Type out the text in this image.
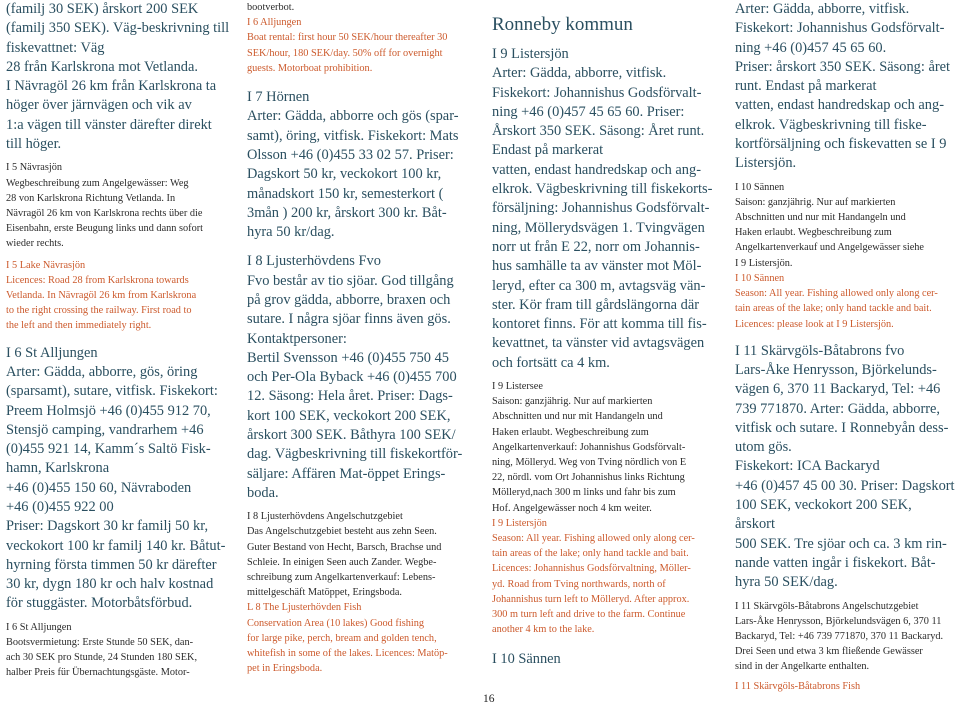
(familj 30 SEK) årskort 200 SEK
(familj 350 SEK). Väg-beskrivning till
fiskevattnet: Väg
28 från Karlskrona mot Vetlanda.
I Nävragöl 26 km från Karlskrona ta
höger över järnvägen och vik av
1:a vägen till vänster därefter direkt
till höger.

I 5 Nävrasjön
Wegbeschreibung zum Angelgewässer: Weg
28 von Karlskrona Richtung Vetlanda. In
Nävragöl 26 km von Karlskrona rechts über die
Eisenbahn, erste Beugung links und dann sofort
wieder rechts.

I 5 Lake Nävrasjön
Licences: Road 28 from Karlskrona towards
Vetlanda. In Nävragöl 26 km from Karlskrona
to the right crossing the railway. First road to
the left and then immediately right.

I 6 St Alljungen
Arter: Gädda, abborre, gös, öring
(sparsamt), sutare, vitfisk. Fiskekort:
Preem Holmsjö +46 (0)455 912 70,
Stensjö camping, vandrarhem +46
(0)455 921 14, Kamm´s Saltö Fisk-
hamn, Karlskrona
+46 (0)455 150 60, Nävraboden
+46 (0)455 922 00
Priser: Dagskort 30 kr familj 50 kr,
veckokort 100 kr familj 140 kr. Båtut-
hyrning första timmen 50 kr därefter
30 kr, dygn 180 kr och halv kostnad
för stuggäster. Motorbåtsförbud.

I 6 St Alljungen
Bootsvermietung: Erste Stunde 50 SEK, dan-
ach 30 SEK pro Stunde, 24 Stunden 180 SEK,
halber Preis für Übernachtungsgäste. Motor-

bootverbot.

I 6 Alljungen
Boat rental: first hour 50 SEK/hour thereafter 30
SEK/hour, 180 SEK/day. 50% off for overnight
guests. Motorboat prohibition.

I 7 Hörnen
Arter: Gädda, abborre och gös (spar-
samt), öring, vitfisk. Fiskekort: Mats
Olsson +46 (0)455 33 02 57. Priser:
Dagskort 50 kr, veckokort 100 kr,
månadskort 150 kr, semesterkort (
3mån ) 200 kr, årskort 300 kr. Båt-
hyra 50 kr/dag.

I 8 Ljusterhövdens Fvo
Fvo består av tio sjöar. God tillgång
på grov gädda, abborre, braxen och
sutare. I några sjöar finns även gös.
Kontaktpersoner:
Bertil Svensson +46 (0)455 750 45
och Per-Ola Byback +46 (0)455 700
12. Säsong: Hela året. Priser: Dags-
kort 100 SEK, veckokort 200 SEK,
årskort 300 SEK. Båthyra 100 SEK/
dag. Vägbeskrivning till fiskekortför-
säljare: Affären Mat-öppet Erings-
boda.

I 8 Ljusterhövdens Angelschutzgebiet
Das Angelschutzgebiet besteht aus zehn Seen.
Guter Bestand von Hecht, Barsch, Brachse und
Schleie. In einigen Seen auch Zander. Wegbe-
schreibung zum Angelkartenverkauf: Lebens-
mittelgeschäft Matöppet, Eringsboda.

L 8 The Ljusterhövden Fish
Conservation Area (10 lakes) Good fishing
for large pike, perch, bream and golden tench,
whitefish in some of the lakes. Licences: Matöp-
pet in Eringsboda.

Ronneby kommun

I 9 Listersjön
Arter: Gädda, abborre, vitfisk.
Fiskekort: Johannishus Godsförvalt-
ning +46 (0)457 45 65 60. Priser:
Årskort 350 SEK. Säsong: Året runt.
Endast på markerat
vatten, endast handredskap och ang-
elkrok. Vägbeskrivning till fiskekorts-
försäljning: Johannishus Godsförvalt-
ning, Möllerydsvägen 1. Tvingvägen
norr ut från E 22, norr om Johannis-
hus samhälle ta av vänster mot Möl-
leryd, efter ca 300 m, avtagsväg vän-
ster. Kör fram till gårdslängorna där
kontoret finns. För att komma till fis-
kevattnet, ta vänster vid avtagsvägen
och fortsätt ca 4 km.

I 9 Listersee
Saison: ganzjährig. Nur auf markierten
Abschnitten und nur mit Handangeln und
Haken erlaubt. Wegbeschreibung zum
Angelkartenverkauf: Johannishus Godsförvalt-
ning, Mölleryd. Weg von Tving nördlich von E
22, nördl. vom Ort Johannishus links Richtung
Mölleryd,nach 300 m links und fahr bis zum
Hof. Angelgewässer noch 4 km weiter.

I 9 Listersjön
Season: All year. Fishing allowed only along cer-
tain areas of the lake; only hand tackle and bait.
Licences: Johannishus Godsförvaltning, Möller-
yd. Road from Tving northwards, north of
Johannishus turn left to Mölleryd. After approx.
300 m turn left and drive to the farm. Continue
another 4 km to the lake.

I 10 Sännen

Arter: Gädda, abborre, vitfisk.
Fiskekort: Johannishus Godsförvalt-
ning +46 (0)457 45 65 60.
Priser: årskort 350 SEK. Säsong: året
runt. Endast på markerat
vatten, endast handredskap och ang-
elkrok. Vägbeskrivning till fiske-
kortförsäljning och fiskevatten se I 9
Listersjön.

I 10 Sännen
Saison: ganzjährig. Nur auf markierten
Abschnitten und nur mit Handangeln und
Haken erlaubt. Wegbeschreibung zum
Angelkartenverkauf und Angelgewässer siehe
I 9 Listersjön.

I 10 Sännen
Season: All year. Fishing allowed only along cer-
tain areas of the lake; only hand tackle and bait.
Licences: please look at I 9 Listersjön.

I 11 Skärvgöls-Båtabrons fvo
Lars-Åke Henrysson, Björkelunds-
vägen 6, 370 11 Backaryd, Tel: +46
739 771870. Arter: Gädda, abborre,
vitfisk och sutare. I Ronnebyån dess-
utom gös.
Fiskekort: ICA Backaryd
+46 (0)457 45 00 30. Priser: Dagskort
100 SEK, veckokort 200 SEK, årskort
500 SEK. Tre sjöar och ca. 3 km rin-
nande vatten ingår i fiskekort. Båt-
hyra 50 SEK/dag.

I 11 Skärvgöls-Båtabrons Angelschutzgebiet
Lars-Åke Henrysson, Björkelundsvägen 6, 370 11
Backaryd, Tel: +46 739 771870, 370 11 Backaryd.
Drei Seen und etwa 3 km fließende Gewässer
sind in der Angelkarte enthalten.

I 11 Skärvgöls-Båtabrons Fish

16
